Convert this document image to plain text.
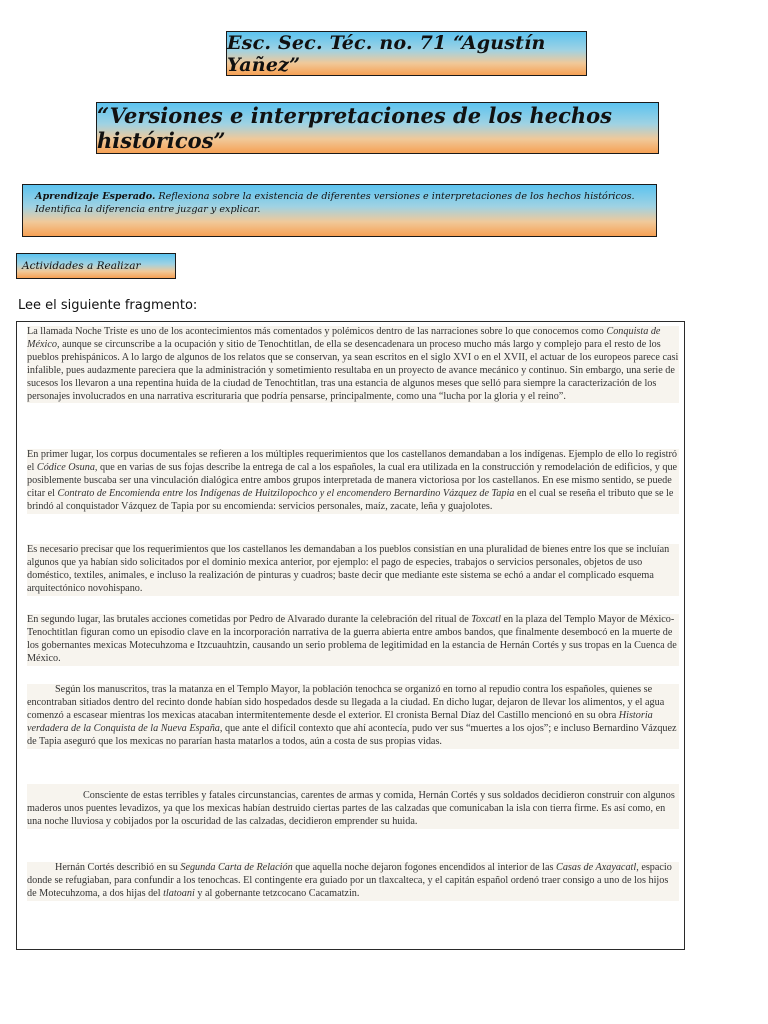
Esc. Sec. Téc. no. 71 “Agustín Yañez”
“Versiones e interpretaciones de los hechos históricos”

Aprendizaje Esperado. Reflexiona sobre la existencia de diferentes versiones e interpretaciones de los hechos históricos.

Identifica la diferencia entre juzgar y explicar.

Actividades a Realizar
Lee el siguiente fragmento:

La llamada Noche Triste es uno de los acontecimientos más comentados y polémicos dentro de las narraciones sobre lo que conocemos como Conquista de México, aunque se circunscribe a la ocupación y sitio de Tenochtitlan, de ella se desencadenara un proceso mucho más largo y complejo para el resto de los pueblos prehispánicos. A lo largo de algunos de los relatos que se conservan, ya sean escritos en el siglo XVI o en el XVII, el actuar de los europeos parece casi infalible, pues audazmente pareciera que la administración y sometimiento resultaba en un proyecto de avance mecánico y continuo. Sin embargo, una serie de sucesos los llevaron a una repentina huida de la ciudad de Tenochtitlan, tras una estancia de algunos meses que selló para siempre la caracterización de los personajes involucrados en una narrativa escrituraria que podría pensarse, principalmente, como una “lucha por la gloria y el reino”.

En primer lugar, los corpus documentales se refieren a los múltiples requerimientos que los castellanos demandaban a los indígenas. Ejemplo de ello lo registró el Códice Osuna, que en varias de sus fojas describe la entrega de cal a los españoles, la cual era utilizada en la construcción y remodelación de edificios, y que posiblemente buscaba ser una vinculación dialógica entre ambos grupos interpretada de manera victoriosa por los castellanos. En ese mismo sentido, se puede citar el Contrato de Encomienda entre los Indígenas de Huitzilopochco y el encomendero Bernardino Vázquez de Tapia en el cual se reseña el tributo que se le brindó al conquistador Vázquez de Tapia por su encomienda: servicios personales, maíz, zacate, leña y guajolotes.

Es necesario precisar que los requerimientos que los castellanos les demandaban a los pueblos consistían en una pluralidad de bienes entre los que se incluían algunos que ya habían sido solicitados por el dominio mexica anterior, por ejemplo: el pago de especies, trabajos o servicios personales, objetos de uso doméstico, textiles, animales, e incluso la realización de pinturas y cuadros; baste decir que mediante este sistema se echó a andar el complicado esquema arquitectónico novohispano.

En segundo lugar, las brutales acciones cometidas por Pedro de Alvarado durante la celebración del ritual de Toxcatl en la plaza del Templo Mayor de México-Tenochtitlan figuran como un episodio clave en la incorporación narrativa de la guerra abierta entre ambos bandos, que finalmente desembocó en la muerte de los gobernantes mexicas Motecuhzoma e Itzcuauhtzin, causando un serio problema de legitimidad en la estancia de Hernán Cortés y sus tropas en la Cuenca de México.

Según los manuscritos, tras la matanza en el Templo Mayor, la población tenochca se organizó en torno al repudio contra los españoles, quienes se encontraban sitiados dentro del recinto donde habían sido hospedados desde su llegada a la ciudad. En dicho lugar, dejaron de llevar los alimentos, y el agua comenzó a escasear mientras los mexicas atacaban intermitentemente desde el exterior. El cronista Bernal Díaz del Castillo mencionó en su obra Historia verdadera de la Conquista de la Nueva España, que ante el difícil contexto que ahí acontecía, pudo ver sus “muertes a los ojos”; e incluso Bernardino Vázquez de Tapia aseguró que los mexicas no pararían hasta matarlos a todos, aún a costa de sus propias vidas.

Consciente de estas terribles y fatales circunstancias, carentes de armas y comida, Hernán Cortés y sus soldados decidieron construir con algunos maderos unos puentes levadizos, ya que los mexicas habían destruido ciertas partes de las calzadas que comunicaban la isla con tierra firme. Es así como, en una noche lluviosa y cobijados por la oscuridad de las calzadas, decidieron emprender su huida.

Hernán Cortés describió en su Segunda Carta de Relación que aquella noche dejaron fogones encendidos al interior de las Casas de Axayacatl, espacio donde se refugiaban, para confundir a los tenochcas. El contingente era guiado por un tlaxcalteca, y el capitán español ordenó traer consigo a uno de los hijos de Motecuhzoma, a dos hijas del tlatoani y al gobernante tetzcocano Cacamatzin.
